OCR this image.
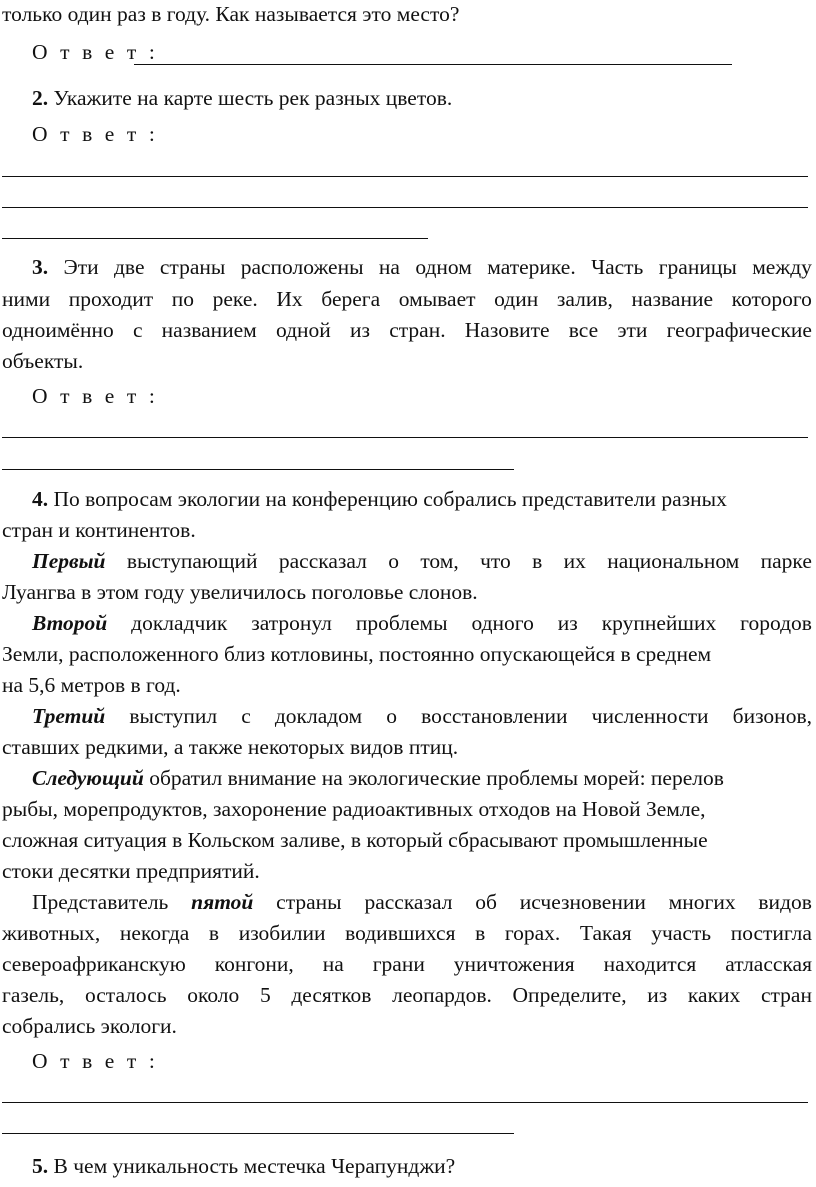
только один раз в году. Как называется это место?
О т в е т :
2. Укажите на карте шесть рек разных цветов.
О т в е т :
3. Эти две страны расположены на одном материке. Часть границы между
ними проходит по реке. Их берега омывает один залив, название которого
одноимённо с названием одной из стран. Назовите все эти географические
объекты.
О т в е т :
4. По вопросам экологии на конференцию собрались представители разных
стран и континентов.
Первый выступающий рассказал о том, что в их национальном парке
Луангва в этом году увеличилось поголовье слонов.
Второй докладчик затронул проблемы одного из крупнейших городов
Земли, расположенного близ котловины, постоянно опускающейся в среднем
на 5,6 метров в год.
Третий выступил с докладом о восстановлении численности бизонов,
ставших редкими, а также некоторых видов птиц.
Следующий обратил внимание на экологические проблемы морей: перелов
рыбы, морепродуктов, захоронение радиоактивных отходов на Новой Земле,
сложная ситуация в Кольском заливе, в который сбрасывают промышленные
стоки десятки предприятий.
Представитель пятой страны рассказал об исчезновении многих видов
животных, некогда в изобилии водившихся в горах. Такая участь постигла
североафриканскую конгони, на грани уничтожения находится атласская
газель, осталось около 5 десятков леопардов. Определите, из каких стран
собрались экологи.
О т в е т :
5. В чем уникальность местечка Черапунджи?
